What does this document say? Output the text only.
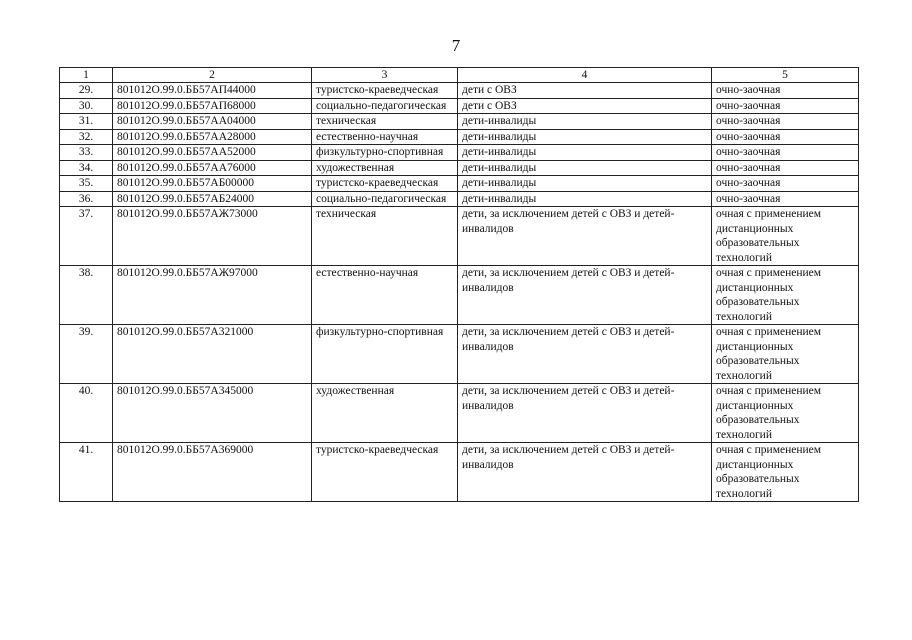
7
1	2	3	4	5
29.	801012О.99.0.ББ57АП44000	туристско-краеведческая	дети с ОВЗ	очно-заочная
30.	801012О.99.0.ББ57АП68000	социально-педагогическая	дети с ОВЗ	очно-заочная
31.	801012О.99.0.ББ57АА04000	техническая	дети-инвалиды	очно-заочная
32.	801012О.99.0.ББ57АА28000	естественно-научная	дети-инвалиды	очно-заочная
33.	801012О.99.0.ББ57АА52000	физкультурно-спортивная	дети-инвалиды	очно-заочная
34.	801012О.99.0.ББ57АА76000	художественная	дети-инвалиды	очно-заочная
35.	801012О.99.0.ББ57АБ00000	туристско-краеведческая	дети-инвалиды	очно-заочная
36.	801012О.99.0.ББ57АБ24000	социально-педагогическая	дети-инвалиды	очно-заочная
37.	801012О.99.0.ББ57АЖ73000	техническая	дети, за исключением детей с ОВЗ и детей-инвалидов	очная с применением дистанционных образовательных технологий
38.	801012О.99.0.ББ57АЖ97000	естественно-научная	дети, за исключением детей с ОВЗ и детей-инвалидов	очная с применением дистанционных образовательных технологий
39.	801012О.99.0.ББ57А321000	физкультурно-спортивная	дети, за исключением детей с ОВЗ и детей-инвалидов	очная с применением дистанционных образовательных технологий
40.	801012О.99.0.ББ57А345000	художественная	дети, за исключением детей с ОВЗ и детей-инвалидов	очная с применением дистанционных образовательных технологий
41.	801012О.99.0.ББ57А369000	туристско-краеведческая	дети, за исключением детей с ОВЗ и детей-инвалидов	очная с применением дистанционных образовательных технологий
